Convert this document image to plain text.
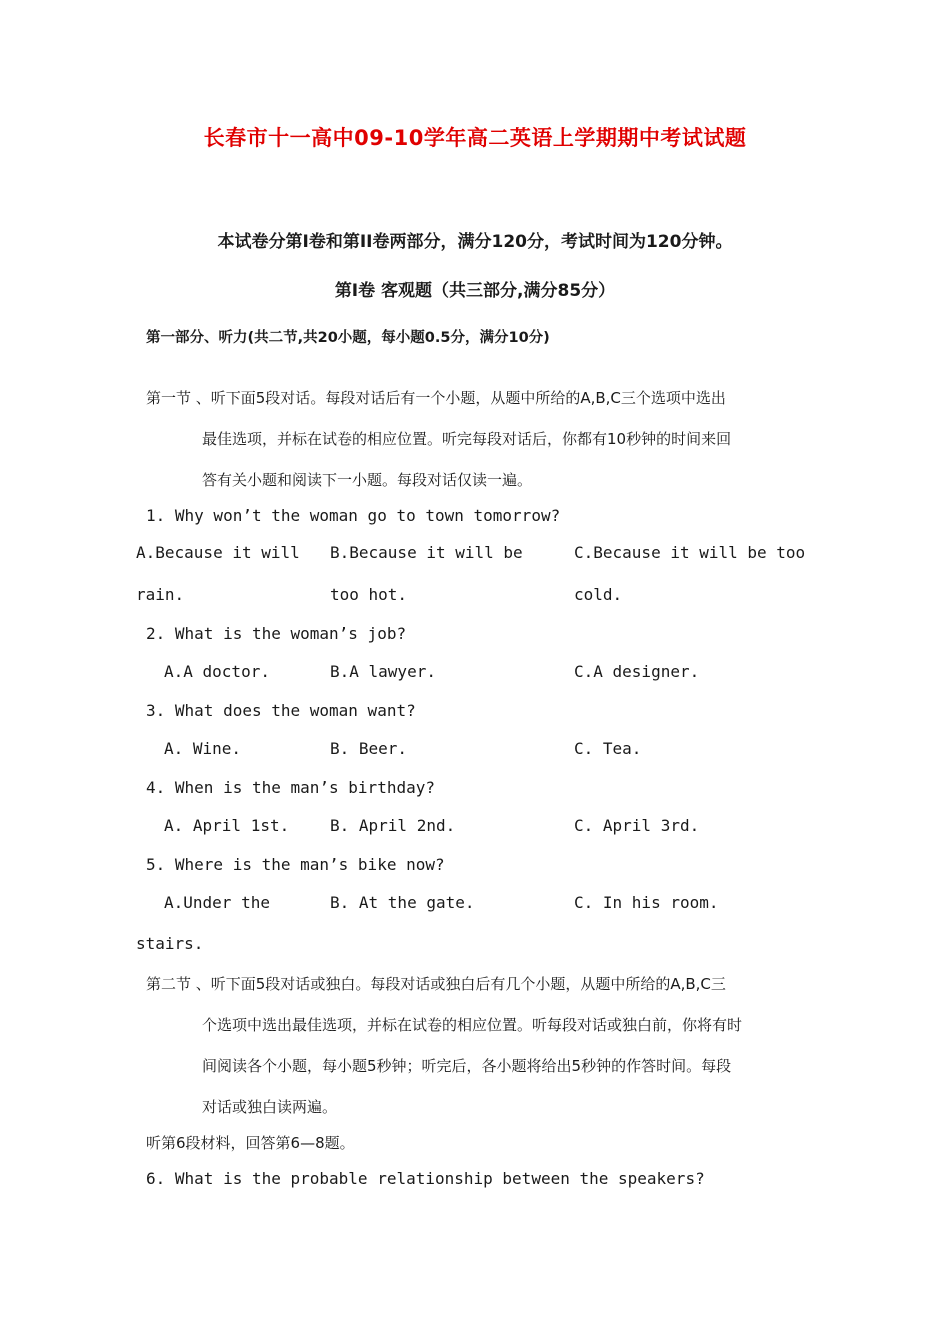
长春市十一高中09-10学年高二英语上学期期中考试试题
本试卷分第Ⅰ卷和第II卷两部分，满分120分，考试时间为120分钟。
第Ⅰ卷 客观题（共三部分,满分85分）
第一部分、听力(共二节,共20小题，每小题0.5分，满分10分)
第一节 、听下面5段对话。每段对话后有一个小题，从题中所给的A,B,C三个选项中选出
最佳选项，并标在试卷的相应位置。听完每段对话后，你都有10秒钟的时间来回
答有关小题和阅读下一小题。每段对话仅读一遍。
1. Why won’t the woman go to town tomorrow?
A.Because it will
rain.
B.Because it will be
too hot.
C.Because it will be too
cold.
2. What is the woman’s job?
A.A doctor.	B.A lawyer.	C.A designer.
3. What does the woman want?
A. Wine.	B. Beer.	C. Tea.
4. When is the man’s birthday?
A. April 1st.	B. April 2nd.	C. April 3rd.
5. Where is the man’s bike now?
A.Under the
stairs.
B. At the gate.	C. In his room.
第二节 、听下面5段对话或独白。每段对话或独白后有几个小题，从题中所给的A,B,C三
个选项中选出最佳选项，并标在试卷的相应位置。听每段对话或独白前，你将有时
间阅读各个小题，每小题5秒钟；听完后，各小题将给出5秒钟的作答时间。每段
对话或独白读两遍。
听第6段材料，回答第6—8题。
6. What is the probable relationship between the speakers?
